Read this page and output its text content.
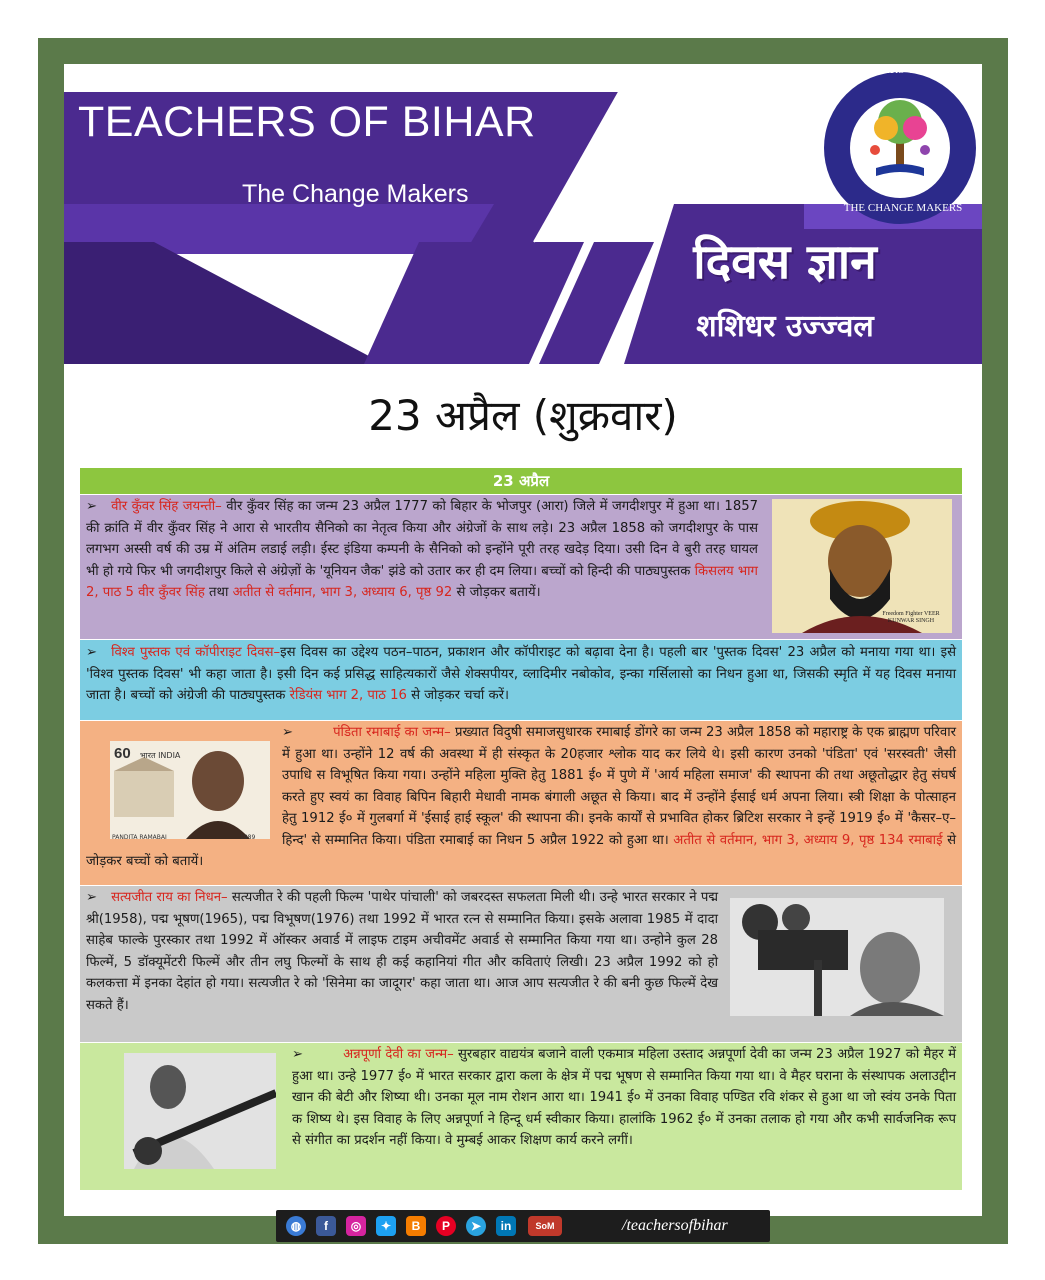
TEACHERS OF BIHAR
The Change Makers
TEACHERS OF BIHAR
THE CHANGE MAKERS
दिवस ज्ञान
शशिधर उज्ज्वल
23 अप्रैल (शुक्रवार)
23 अप्रैल

➢ वीर कुँवर सिंह जयन्ती– वीर कुँवर सिंह का जन्म 23 अप्रैल 1777 को बिहार के भोजपुर (आरा) जिले में जगदीशपुर में हुआ था। 1857 की क्रांति में वीर कुँवर सिंह ने आरा से भारतीय सैनिको का नेतृत्व किया और अंग्रेजों के साथ लड़े। 23 अप्रैल 1858 को जगदीशपुर के पास लगभग अस्सी वर्ष की उम्र में अंतिम लडाई लड़ी। ईस्ट इंडिया कम्पनी के सैनिको को इन्होंने पूरी तरह खदेड़ दिया। उसी दिन वे बुरी तरह घायल भी हो गये फिर भी जगदीशपुर किले से अंग्रेज़ों के 'यूनियन जैक' झंडे को उतार कर ही दम लिया। बच्चों को हिन्दी की पाठ्यपुस्तक किसलय भाग 2, पाठ 5 वीर कुँवर सिंह तथा अतीत से वर्तमान, भाग 3, अध्याय 6, पृष्ठ 92 से जोड़कर बतायें।

Freedom Fighter VEER KUNWAR SINGH

➢ विश्व पुस्तक एवं कॉपीराइट दिवस–इस दिवस का उद्देश्य पठन–पाठन, प्रकाशन और कॉपीराइट को बढ़ावा देना है। पहली बार 'पुस्तक दिवस' 23 अप्रैल को मनाया गया था। इसे 'विश्व पुस्तक दिवस' भी कहा जाता है। इसी दिन कई प्रसिद्ध साहित्यकारों जैसे शेक्सपीयर, व्लादिमीर नबोकोव, इन्का गर्सिलासो का निधन हुआ था, जिसकी स्मृति में यह दिवस मनाया जाता है। बच्चों को अंग्रेजी की पाठ्यपुस्तक रेडियंस भाग 2, पाठ 16 से जोड़कर चर्चा करें।

60 भारत INDIA
PANDITA RAMABAI	1989

➢	पंडिता रमाबाई का जन्म– प्रख्यात विदुषी समाजसुधारक रमाबाई डोंगरे का जन्म 23 अप्रैल 1858 को महाराष्ट्र के एक ब्राह्मण परिवार में हुआ था। उन्होंने 12 वर्ष की अवस्था में ही संस्कृत के 20हजार श्लोक याद कर लिये थे। इसी कारण उनको 'पंडिता' एवं 'सरस्वती' जैसी उपाधि स विभूषित किया गया। उन्होंने महिला मुक्ति हेतु 1881 ई० में पुणे में 'आर्य महिला समाज' की स्थापना की तथा अछूतोद्धार हेतु संघर्ष करते हुए स्वयं का विवाह बिपिन बिहारी मेधावी नामक बंगाली अछूत से किया। बाद में उन्होंने ईसाई धर्म अपना लिया। स्त्री शिक्षा के पोत्साहन हेतु 1912 ई० में गुलबर्गा में 'ईसाई हाई स्कूल' की स्थापना की। इनके कार्यों से प्रभावित होकर ब्रिटिश सरकार ने इन्हें 1919 ई० में 'कैसर–ए–हिन्द' से सम्मानित किया। पंडिता रमाबाई का निधन 5 अप्रैल 1922 को हुआ था। अतीत से वर्तमान, भाग 3, अध्याय 9, पृष्ठ 134 रमाबाई से जोड़कर बच्चों को बतायें।

➢ सत्यजीत राय का निधन– सत्यजीत रे की पहली फिल्म 'पाथेर पांचाली' को जबरदस्त सफलता मिली थी। उन्हे भारत सरकार ने पद्म श्री(1958), पद्म भूषण(1965), पद्म विभूषण(1976) तथा 1992 में भारत रत्न से सम्मानित किया। इसके अलावा 1985 में दादा साहेब फाल्के पुरस्कार तथा 1992 में ऑस्कर अवार्ड में लाइफ टाइम अचीवमेंट अवार्ड से सम्मानित किया गया था। उन्होने कुल 28 फिल्में, 5 डॉक्यूमेंटरी फिल्में और तीन लघु फिल्मों के साथ ही कई कहानियां गीत और कविताएं लिखी। 23 अप्रैल 1992 को हो कलकत्ता में इनका देहांत हो गया। सत्यजीत रे को 'सिनेमा का जादूगर' कहा जाता था। आज आप सत्यजीत रे की बनी कुछ फिल्में देख सकते हैं।

➢	अन्नपूर्णा देवी का जन्म– सुरबहार वाद्ययंत्र बजाने वाली एकमात्र महिला उस्ताद अन्नपूर्णा देवी का जन्म 23 अप्रैल 1927 को मैहर में हुआ था। उन्हे 1977 ई० में भारत सरकार द्वारा कला के क्षेत्र में पद्म भूषण से सम्मानित किया गया था। वे मैहर घराना के संस्थापक अलाउद्दीन खान की बेटी और शिष्या थी। उनका मूल नाम रोशन आरा था। 1941 ई० में उनका विवाह पण्डित रवि शंकर से हुआ था जो स्वंय उनके पिता क शिष्य थे। इस विवाह के लिए अन्नपूर्णा ने हिन्दू धर्म स्वीकार किया। हालांकि 1962 ई० में उनका तलाक हो गया और कभी सार्वजनिक रूप से संगीत का प्रदर्शन नहीं किया। वे मुम्बई आकर शिक्षण कार्य करने लगीं।

◍	f	◎	✦	B	P	➤	in	SoM	/teachersofbihar
